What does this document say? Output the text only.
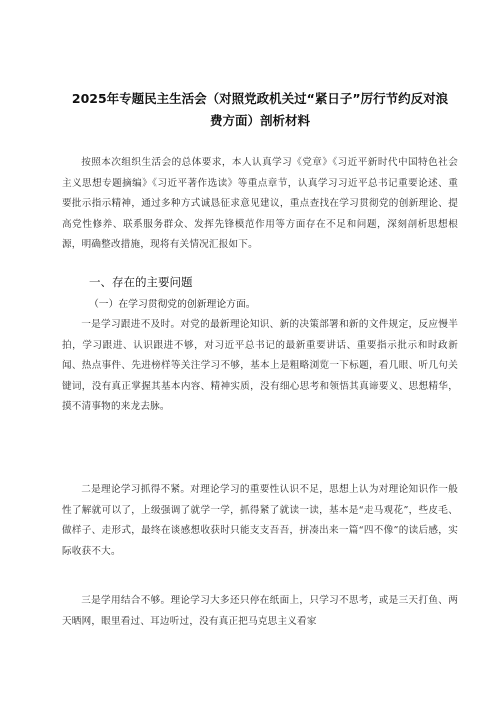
2025年专题民主生活会（对照党政机关过“紧日子”厉行节约反对浪费方面）剖析材料
按照本次组织生活会的总体要求，本人认真学习《党章》《习近平新时代中国特色社会主义思想专题摘编》《习近平著作选读》等重点章节，认真学习习近平总书记重要论述、重要批示指示精神，通过多种方式诚恳征求意见建议，重点查找在学习贯彻党的创新理论、提高党性修养、联系服务群众、发挥先锋模范作用等方面存在不足和问题，深刻剖析思想根源，明确整改措施，现将有关情况汇报如下。
一、存在的主要问题
（一）在学习贯彻党的创新理论方面。
一是学习跟进不及时。对党的最新理论知识、新的决策部署和新的文件规定，反应慢半拍，学习跟进、认识跟进不够，对习近平总书记的最新重要讲话、重要指示批示和时政新闻、热点事件、先进榜样等关注学习不够，基本上是粗略浏览一下标题，看几眼、听几句关键词，没有真正掌握其基本内容、精神实质，没有细心思考和领悟其真谛要义、思想精华，摸不清事物的来龙去脉。
二是理论学习抓得不紧。对理论学习的重要性认识不足，思想上认为对理论知识作一般性了解就可以了，上级强调了就学一学，抓得紧了就读一读，基本是“走马观花”，些皮毛、做样子、走形式，最终在谈感想收获时只能支支吾吾，拼凑出来一篇“四不像”的读后感，实际收获不大。
三是学用结合不够。理论学习大多还只停在纸面上，只学习不思考，或是三天打鱼、两天晒网，眼里看过、耳边听过，没有真正把马克思主义看家
